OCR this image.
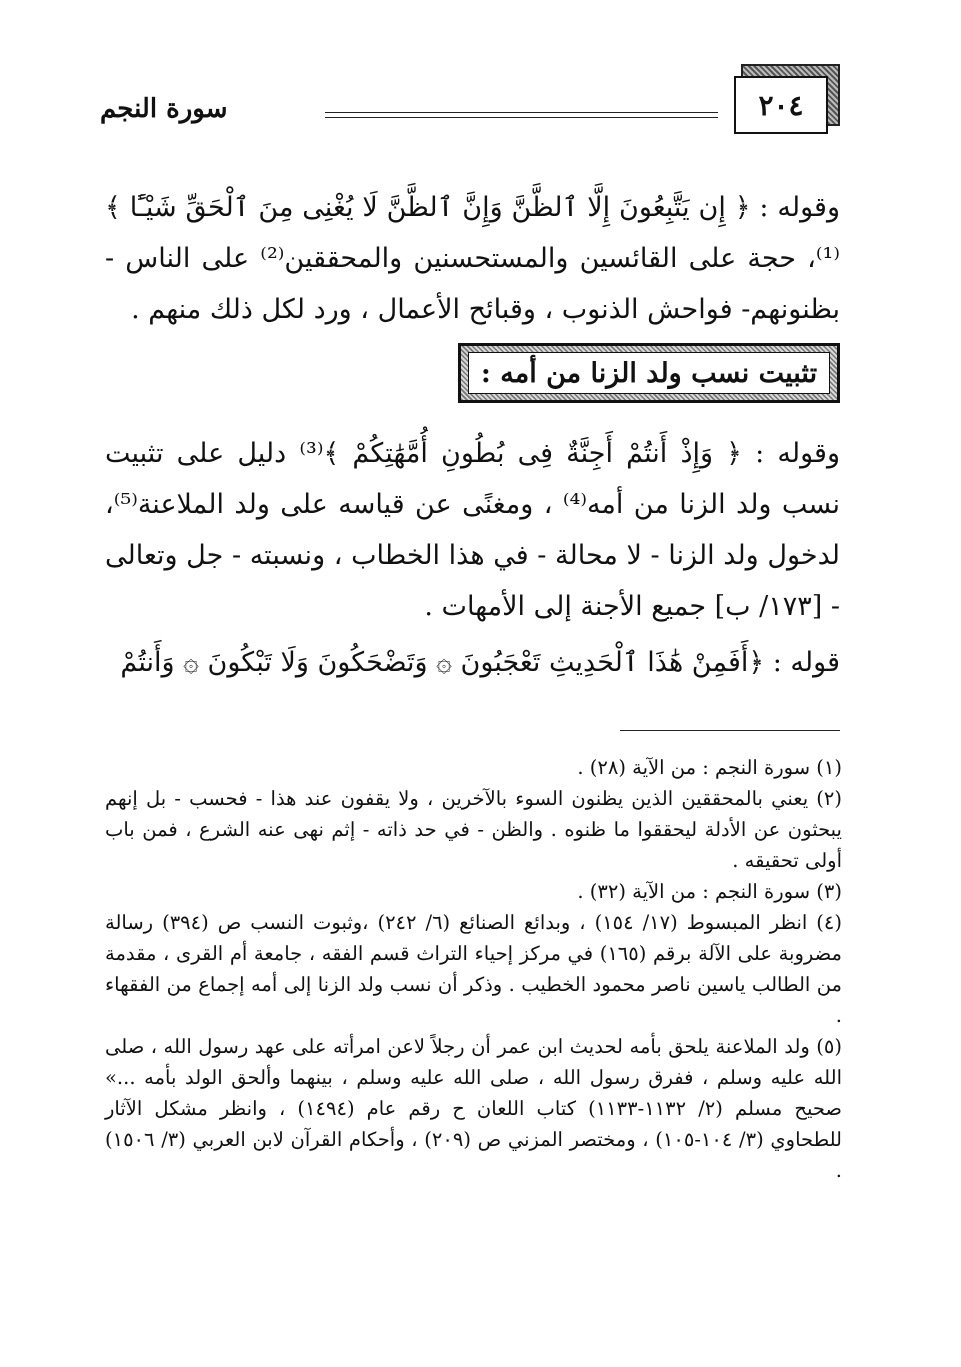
سورة النجم	٢٠٤

وقوله : ﴿ إِن يَتَّبِعُونَ إِلَّا ٱلظَّنَّ وَإِنَّ ٱلظَّنَّ لَا يُغْنِى مِنَ ٱلْحَقِّ شَيْـًٔا ﴾⁽¹⁾، حجة على القائسين والمستحسنين والمحققين⁽²⁾ على الناس - بظنونهم- فواحش الذنوب ، وقبائح الأعمال ، ورد لكل ذلك منهم .

تثبيت نسب ولد الزنا من أمه :

وقوله : ﴿ وَإِذْ أَنتُمْ أَجِنَّةٌ فِى بُطُونِ أُمَّهَٰتِكُمْ ﴾⁽³⁾ دليل على تثبيت نسب ولد الزنا من أمه⁽⁴⁾ ، ومغنًى عن قياسه على ولد الملاعنة⁽⁵⁾، لدخول ولد الزنا - لا محالة - في هذا الخطاب ، ونسبته - جل وتعالى - [١٧٣/ ب] جميع الأجنة إلى الأمهات .

قوله : ﴿أَفَمِنْ هَٰذَا ٱلْحَدِيثِ تَعْجَبُونَ ۞ وَتَضْحَكُونَ وَلَا تَبْكُونَ ۞ وَأَنتُمْ

(١) سورة النجم : من الآية (٢٨) .

(٢) يعني بالمحققين الذين يظنون السوء بالآخرين ، ولا يقفون عند هذا - فحسب - بل إنهم يبحثون عن الأدلة ليحققوا ما ظنوه . والظن - في حد ذاته - إثم نهى عنه الشرع ، فمن باب أولى تحقيقه .

(٣) سورة النجم : من الآية (٣٢) .

(٤) انظر المبسوط (١٧/ ١٥٤) ، وبدائع الصنائع (٦/ ٢٤٢) ،وثبوت النسب ص (٣٩٤) رسالة مضروبة على الآلة برقم (١٦٥) في مركز إحياء التراث قسم الفقه ، جامعة أم القرى ، مقدمة من الطالب ياسين ناصر محمود الخطيب . وذكر أن نسب ولد الزنا إلى أمه إجماع من الفقهاء .

(٥) ولد الملاعنة يلحق بأمه لحديث ابن عمر أن رجلاً لاعن امرأته على عهد رسول الله ، صلى الله عليه وسلم ، ففرق رسول الله ، صلى الله عليه وسلم ، بينهما وألحق الولد بأمه ...» صحيح مسلم (٢/ ١١٣٢-١١٣٣) كتاب اللعان ح رقم عام (١٤٩٤) ، وانظر مشكل الآثار للطحاوي (٣/ ١٠٤-١٠٥) ، ومختصر المزني ص (٢٠٩) ، وأحكام القرآن لابن العربي (٣/ ١٥٠٦) .
